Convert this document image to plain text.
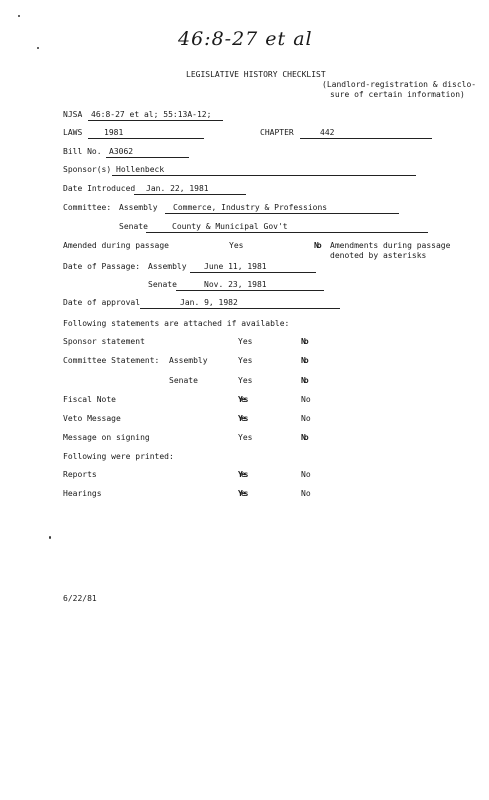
46:8-27 et al
LEGISLATIVE HISTORY CHECKLIST
(Landlord-registration & disclo-
sure of certain information)
NJSA	46:8-27 et al; 55:13A-12;
LAWS	1981	CHAPTER	442
Bill No. A3062
Sponsor(s) Hollenbeck
Date Introduced	Jan. 22, 1981
Committee: Assembly	Commerce, Industry & Professions
Senate	County & Municipal Gov't
Amended during passage	Yes	No Amendments during passage
denoted by asterisks
Date of Passage: Assembly	June 11, 1981
Senate	Nov. 23, 1981
Date of approval	Jan. 9, 1982
Following statements are attached if available:
Sponsor statement	Yes	No
Committee Statement: Assembly	Yes	No
Senate	Yes	No
Fiscal Note	Yes	No
Veto Message	Yes	No
Message on signing	Yes	No
Following were printed:
Reports	Yes	No
Hearings	Yes	No
6/22/81
